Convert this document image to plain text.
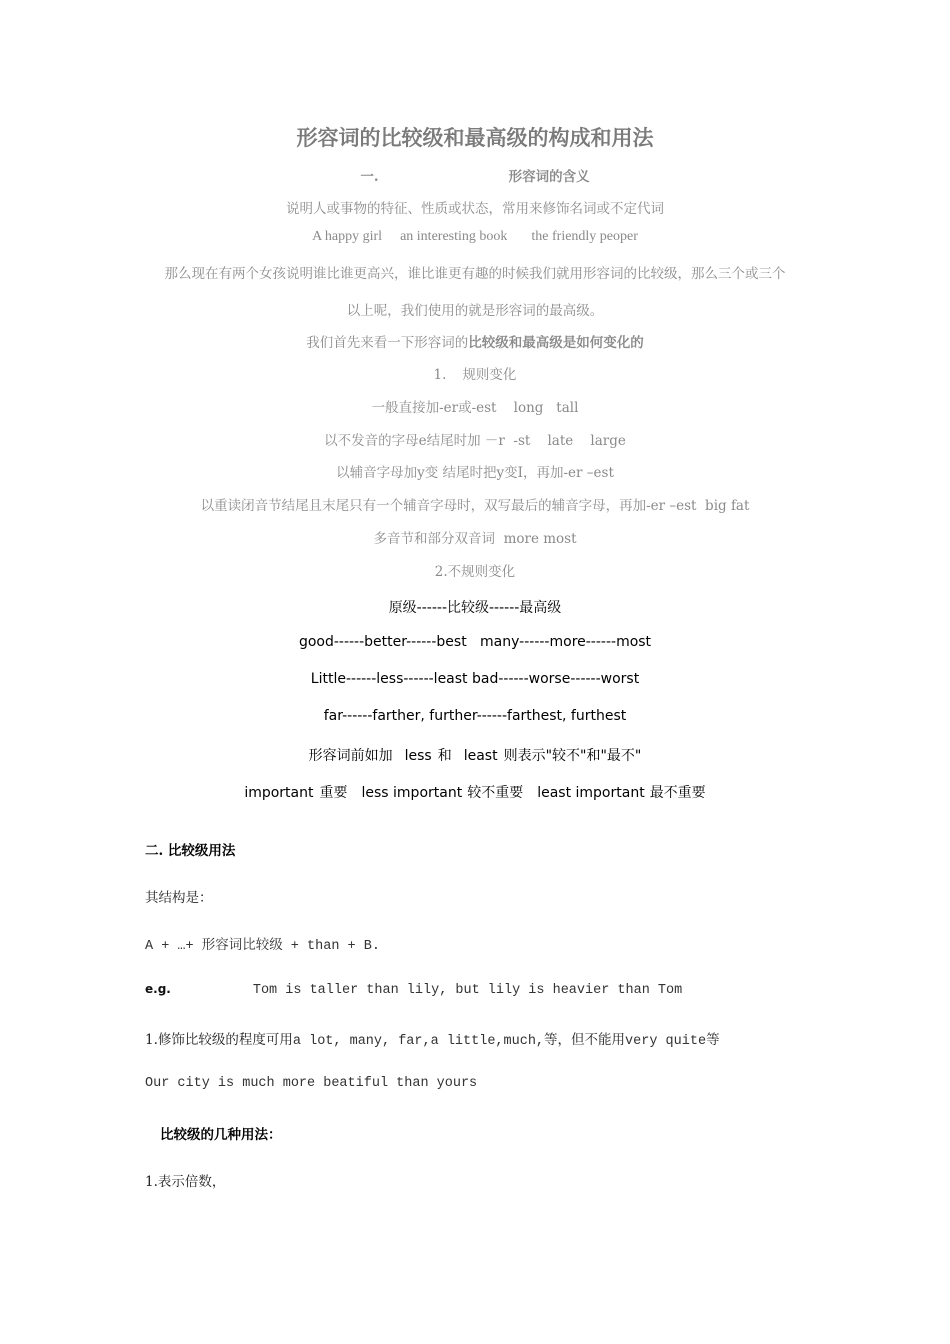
形容词的比较级和最高级的构成和用法
一.	形容词的含义
说明人或事物的特征、性质或状态，常用来修饰名词或不定代词
A happy girl an interesting book the friendly peoper
那么现在有两个女孩说明谁比谁更高兴，谁比谁更有趣的时候我们就用形容词的比较级，那么三个或三个
以上呢，我们使用的就是形容词的最高级。
我们首先来看一下形容词的比较级和最高级是如何变化的
1. 规则变化
一般直接加-er或-est    long   tall
以不发音的字母e结尾时加 －r  -st    late    large
以辅音字母加y变 结尾时把y变I，再加-er –est
以重读闭音节结尾且末尾只有一个辅音字母时，双写最后的辅音字母，再加-er –est  big fat
多音节和部分双音词  more most
2.不规则变化
原级------比较级------最高级
good------better------best   many------more------most
Little------less------least bad------worse------worst
far------farther, further------farthest, furthest
形容词前如加 less 和 least 则表示"较不"和"最不"
important 重要 less important 较不重要 least important 最不重要
二. 比较级用法
其结构是：
A + …+ 形容词比较级 + than + B.
e.g.	Tom is taller than lily, but lily is heavier than Tom
1.修饰比较级的程度可用a lot, many, far,a little,much,等，但不能用very quite等
Our city is much more beatiful than yours
比较级的几种用法：
1.表示倍数，
